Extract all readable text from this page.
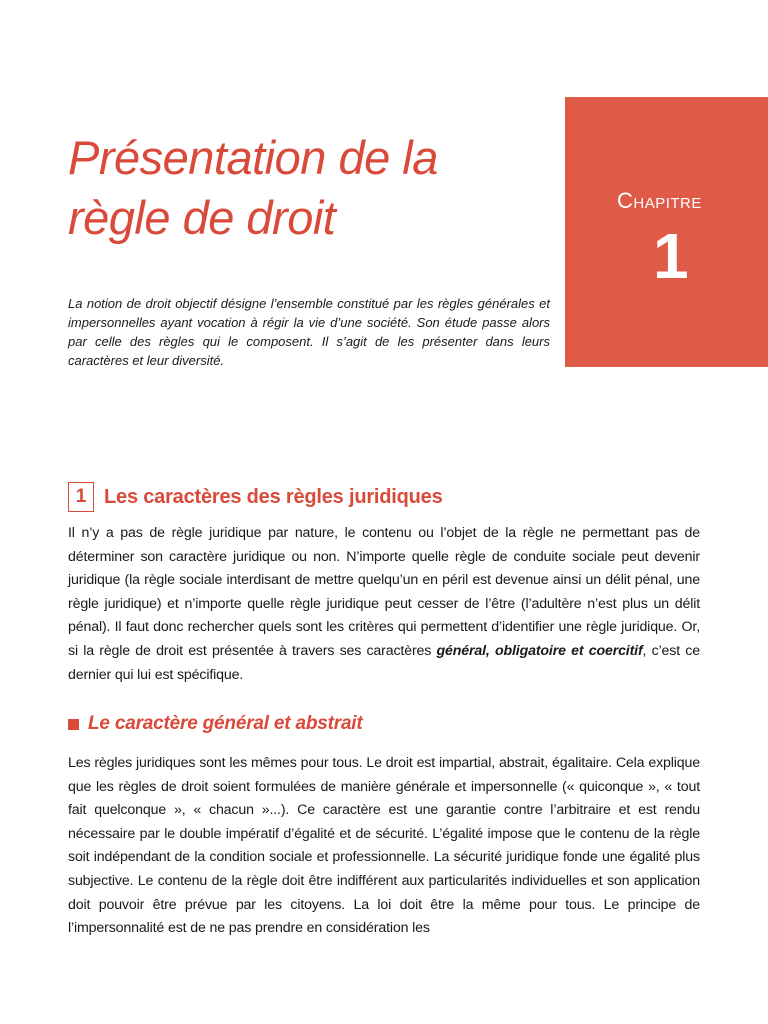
Chapitre
1
Présentation de la règle de droit

La notion de droit objectif désigne l’ensemble constitué par les règles générales et impersonnelles ayant vocation à régir la vie d’une société. Son étude passe alors par celle des règles qui le composent. Il s’agit de les présenter dans leurs caractères et leur diversité.

1 Les caractères des règles juridiques

Il n’y a pas de règle juridique par nature, le contenu ou l’objet de la règle ne permettant pas de déterminer son caractère juridique ou non. N’importe quelle règle de conduite sociale peut devenir juridique (la règle sociale interdisant de mettre quelqu’un en péril est devenue ainsi un délit pénal, une règle juridique) et n’importe quelle règle juridique peut cesser de l’être (l’adultère n’est plus un délit pénal). Il faut donc rechercher quels sont les critères qui permettent d’identifier une règle juridique. Or, si la règle de droit est présentée à travers ses caractères général, obligatoire et coercitif, c’est ce dernier qui lui est spécifique.

Le caractère général et abstrait

Les règles juridiques sont les mêmes pour tous. Le droit est impartial, abstrait, égalitaire. Cela explique que les règles de droit soient formulées de manière générale et impersonnelle (« quiconque », « tout fait quelconque », « chacun »...). Ce caractère est une garantie contre l’arbitraire et est rendu nécessaire par le double impératif d’égalité et de sécurité. L’égalité impose que le contenu de la règle soit indépendant de la condition sociale et professionnelle. La sécurité juridique fonde une égalité plus subjective. Le contenu de la règle doit être indifférent aux particularités individuelles et son application doit pouvoir être prévue par les citoyens. La loi doit être la même pour tous. Le principe de l’impersonnalité est de ne pas prendre en considération les
